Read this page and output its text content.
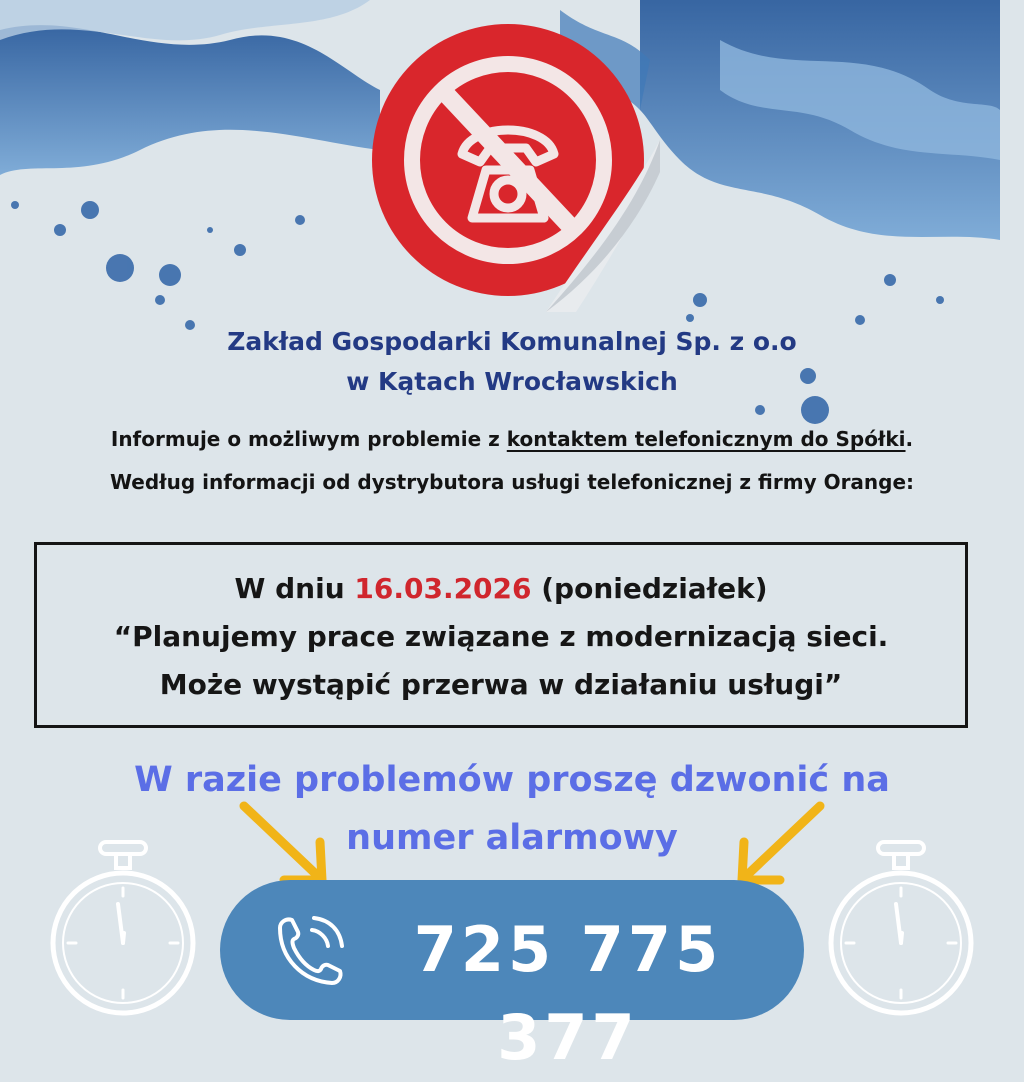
Zakład Gospodarki Komunalnej Sp. z o.o
w Kątach Wrocławskich
Informuje o możliwym problemie z kontaktem telefonicznym do Spółki.
Według informacji od dystrybutora usługi telefonicznej z firmy Orange:
W dniu 16.03.2026 (poniedziałek)
“Planujemy prace związane z modernizacją sieci.
Może wystąpić przerwa w działaniu usługi”
W razie problemów proszę dzwonić na
numer alarmowy
725 775 377
